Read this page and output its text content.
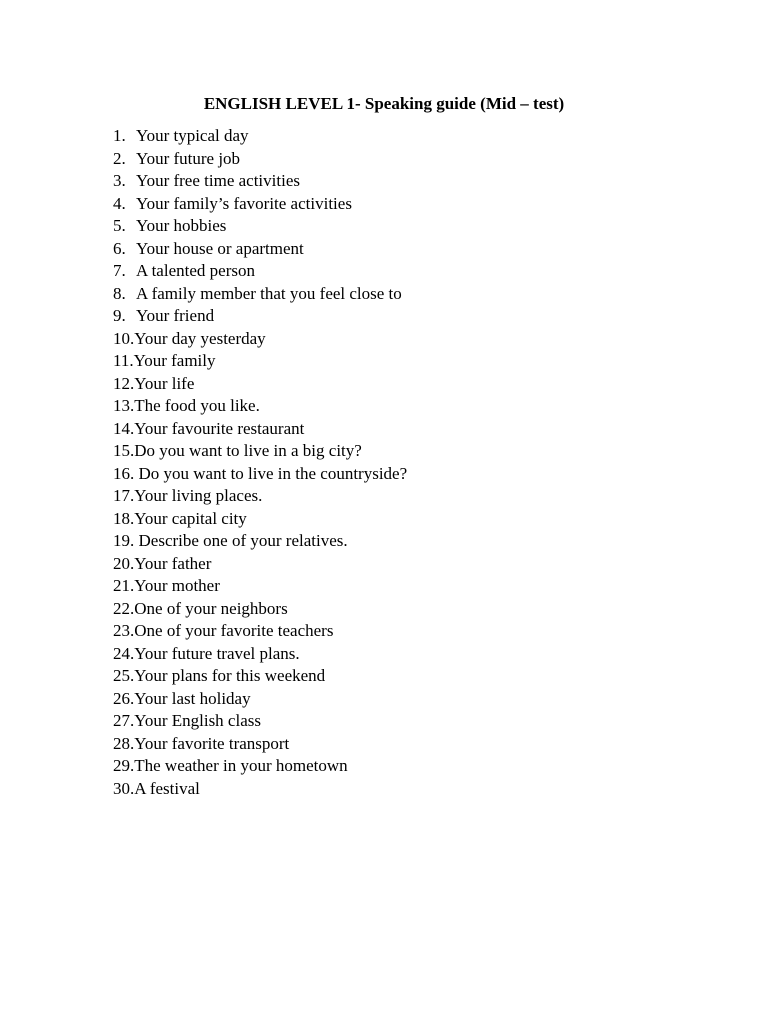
ENGLISH LEVEL 1- Speaking guide (Mid – test)
1. Your typical day
2. Your future job
3. Your free time activities
4. Your family’s favorite activities
5. Your hobbies
6. Your house or apartment
7. A talented person
8. A family member that you feel close to
9. Your friend
10. Your day yesterday
11. Your family
12. Your life
13. The food you like.
14. Your favourite restaurant
15. Do you want to live in a big city?
16. Do you want to live in the countryside?
17. Your living places.
18. Your capital city
19. Describe one of your relatives.
20. Your father
21. Your mother
22. One of your neighbors
23. One of your favorite teachers
24. Your future travel plans.
25. Your plans for this weekend
26. Your last holiday
27. Your English class
28. Your favorite transport
29. The weather in your hometown
30. A festival
